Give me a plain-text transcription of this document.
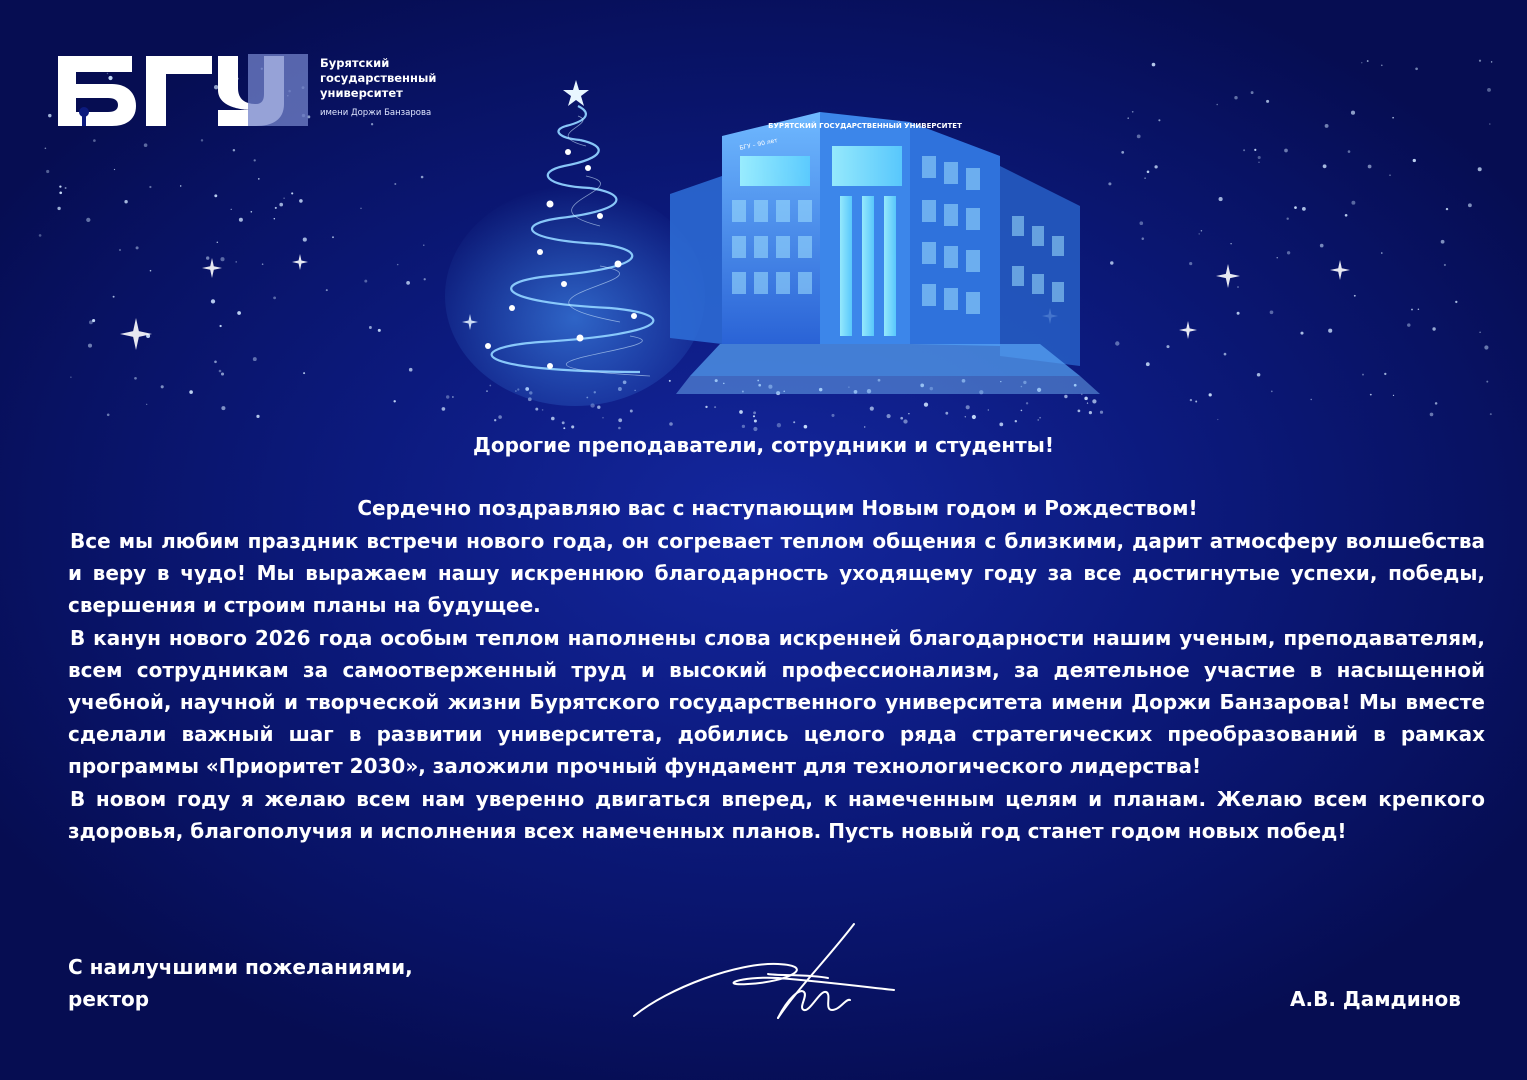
Бурятский
государственный
университет
имени Доржи Банзарова
БУРЯТСКИЙ ГОСУДАРСТВЕННЫЙ УНИВЕРСИТЕТ
БГУ – 90 лет
Дорогие преподаватели, сотрудники и студенты!
Сердечно поздравляю вас с наступающим Новым годом и Рождеством!

Все мы любим праздник встречи нового года, он согревает теплом общения с близкими, дарит атмосферу волшебства и веру в чудо! Мы выражаем нашу искреннюю благодарность уходящему году за все достигнутые успехи, победы, свершения и строим планы на будущее.

В канун нового 2026 года особым теплом наполнены слова искренней благодарности нашим ученым, преподавателям, всем сотрудникам за самоотверженный труд и высокий профессионализм, за деятельное участие в насыщенной учебной, научной и творческой жизни Бурятского государственного университета имени Доржи Банзарова! Мы вместе сделали важный шаг в развитии университета, добились целого ряда стратегических преобразований в рамках программы «Приоритет 2030», заложили прочный фундамент для технологического лидерства!

В новом году я желаю всем нам уверенно двигаться вперед, к намеченным целям и планам. Желаю всем крепкого здоровья, благополучия и исполнения всех намеченных планов. Пусть новый год станет годом новых побед!

С наилучшими пожеланиями,
ректор	А.В. Дамдинов
